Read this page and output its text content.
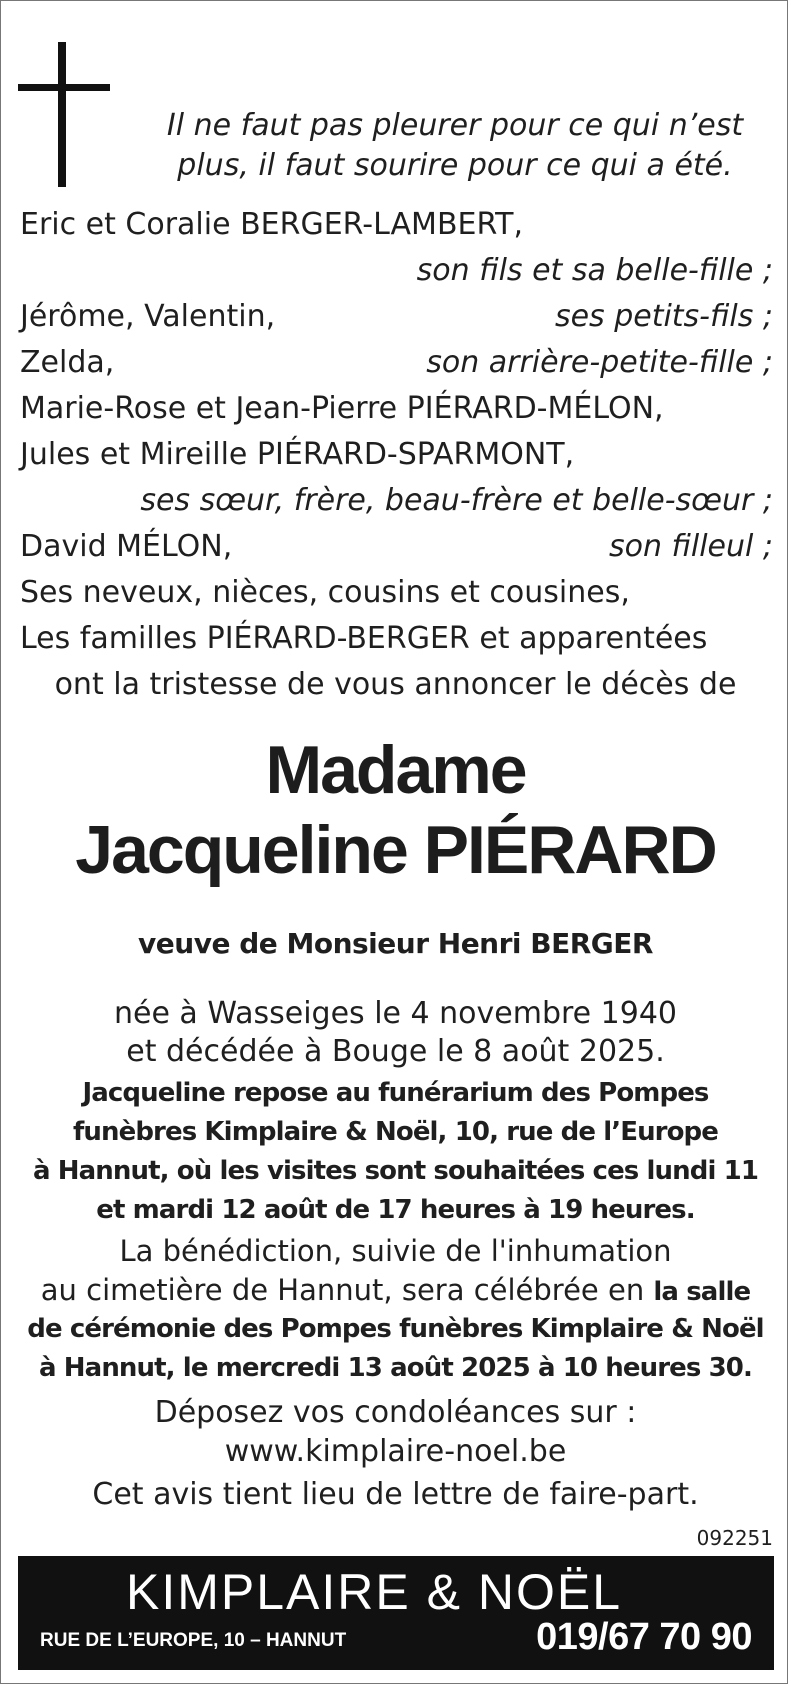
Il ne faut pas pleurer pour ce qui n’est
plus, il faut sourire pour ce qui a été.
Eric et Coralie BERGER-LAMBERT,
son fils et sa belle-fille ;
Jérôme, Valentin,	ses petits-fils ;
Zelda,	son arrière-petite-fille ;
Marie-Rose et Jean-Pierre PIÉRARD-MÉLON,
Jules et Mireille PIÉRARD-SPARMONT,
ses sœur, frère, beau-frère et belle-sœur ;
David MÉLON,	son filleul ;
Ses neveux, nièces, cousins et cousines,
Les familles PIÉRARD-BERGER et apparentées
ont la tristesse de vous annoncer le décès de
Madame
Jacqueline PIÉRARD
veuve de Monsieur Henri BERGER
née à Wasseiges le 4 novembre 1940
et décédée à Bouge le 8 août 2025.
Jacqueline repose au funérarium des Pompes
funèbres Kimplaire & Noël, 10, rue de l’Europe
à Hannut, où les visites sont souhaitées ces lundi 11
et mardi 12 août de 17 heures à 19 heures.
La bénédiction, suivie de l'inhumation
au cimetière de Hannut, sera célébrée en la salle
de cérémonie des Pompes funèbres Kimplaire & Noël
à Hannut, le mercredi 13 août 2025 à 10 heures 30.
Déposez vos condoléances sur :
www.kimplaire-noel.be
Cet avis tient lieu de lettre de faire-part.
092251
KIMPLAIRE & NOËL
RUE DE L’EUROPE, 10 – HANNUT	019/67 70 90
